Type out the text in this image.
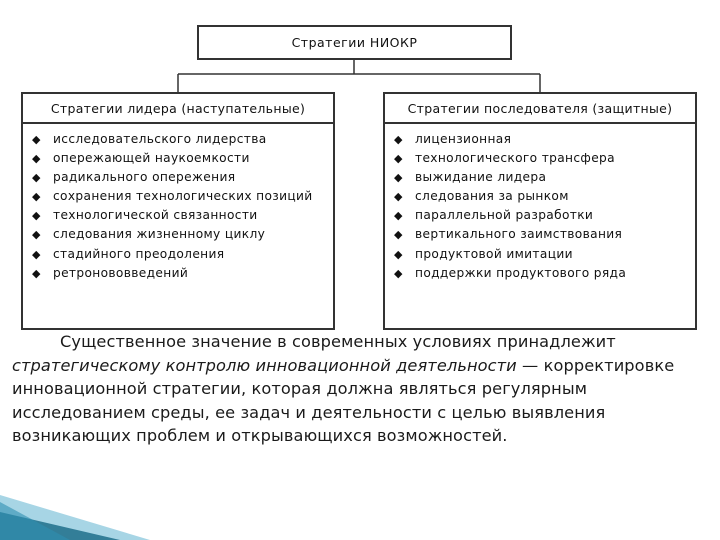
Стратегии НИОКР
Стратегии лидера (наступательные)
◆ исследовательского лидерства
◆ опережающей наукоемкости
◆ радикального опережения
◆ сохранения технологических позиций
◆ технологической связанности
◆ следования жизненному циклу
◆ стадийного преодоления
◆ ретронововведений
Стратегии последователя (защитные)
◆ лицензионная
◆ технологического трансфера
◆ выжидание лидера
◆ следования за рынком
◆ параллельной разработки
◆ вертикального заимствования
◆ продуктовой имитации
◆ поддержки продуктового ряда
Существенное значение в современных условиях принадлежит стратегическому контролю инновационной деятельности — корректировке инновационной стратегии, которая должна являться регулярным исследованием среды, ее задач и деятельности с целью выявления возникающих проблем и открывающихся возможностей.
